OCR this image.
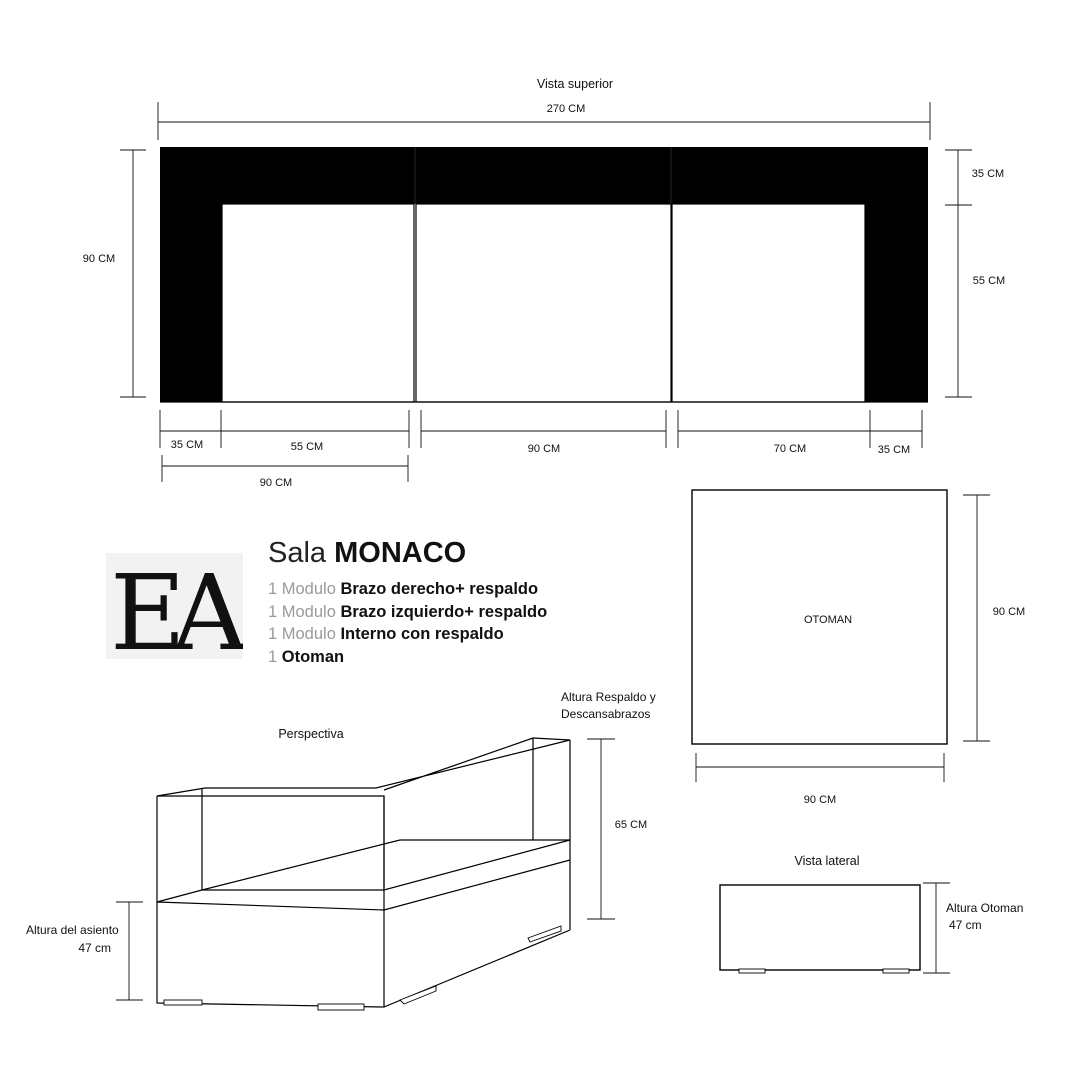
Vista superior
270 CM
90 CM
35 CM
55 CM
35 CM	55 CM	90 CM	70 CM	35 CM
90 CM
OTOMAN
90 CM
90 CM
Perspectiva
Altura Respaldo y
Descansabrazos
65 CM
Altura del asiento
47 cm
Vista lateral
Altura Otoman
47 cm
EA	Sala MONACO
1 Modulo Brazo derecho+ respaldo
1 Modulo Brazo izquierdo+ respaldo
1 Modulo Interno con respaldo
1 Otoman
